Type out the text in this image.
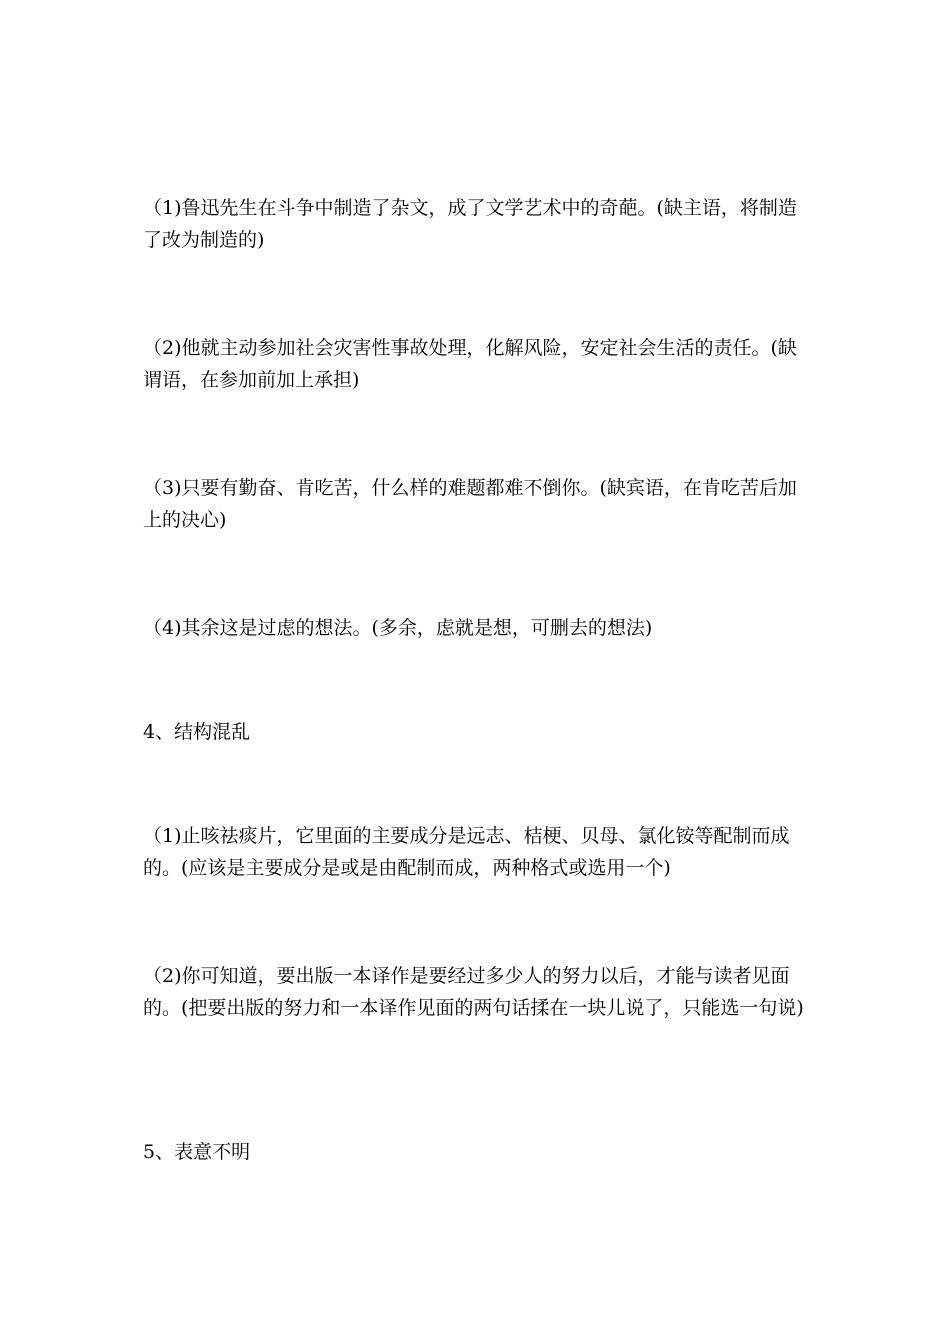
（1)鲁迅先生在斗争中制造了杂文，成了文学艺术中的奇葩。(缺主语，将制造了改为制造的)

（2)他就主动参加社会灾害性事故处理，化解风险，安定社会生活的责任。(缺谓语，在参加前加上承担)

（3)只要有勤奋、肯吃苦，什么样的难题都难不倒你。(缺宾语，在肯吃苦后加上的决心)

（4)其余这是过虑的想法。(多余，虑就是想，可删去的想法)

4、结构混乱

（1)止咳祛痰片，它里面的主要成分是远志、桔梗、贝母、氯化铵等配制而成的。(应该是主要成分是或是由配制而成，两种格式或选用一个)

（2)你可知道，要出版一本译作是要经过多少人的努力以后，才能与读者见面的。(把要出版的努力和一本译作见面的两句话揉在一块儿说了，只能选一句说)

5、表意不明
